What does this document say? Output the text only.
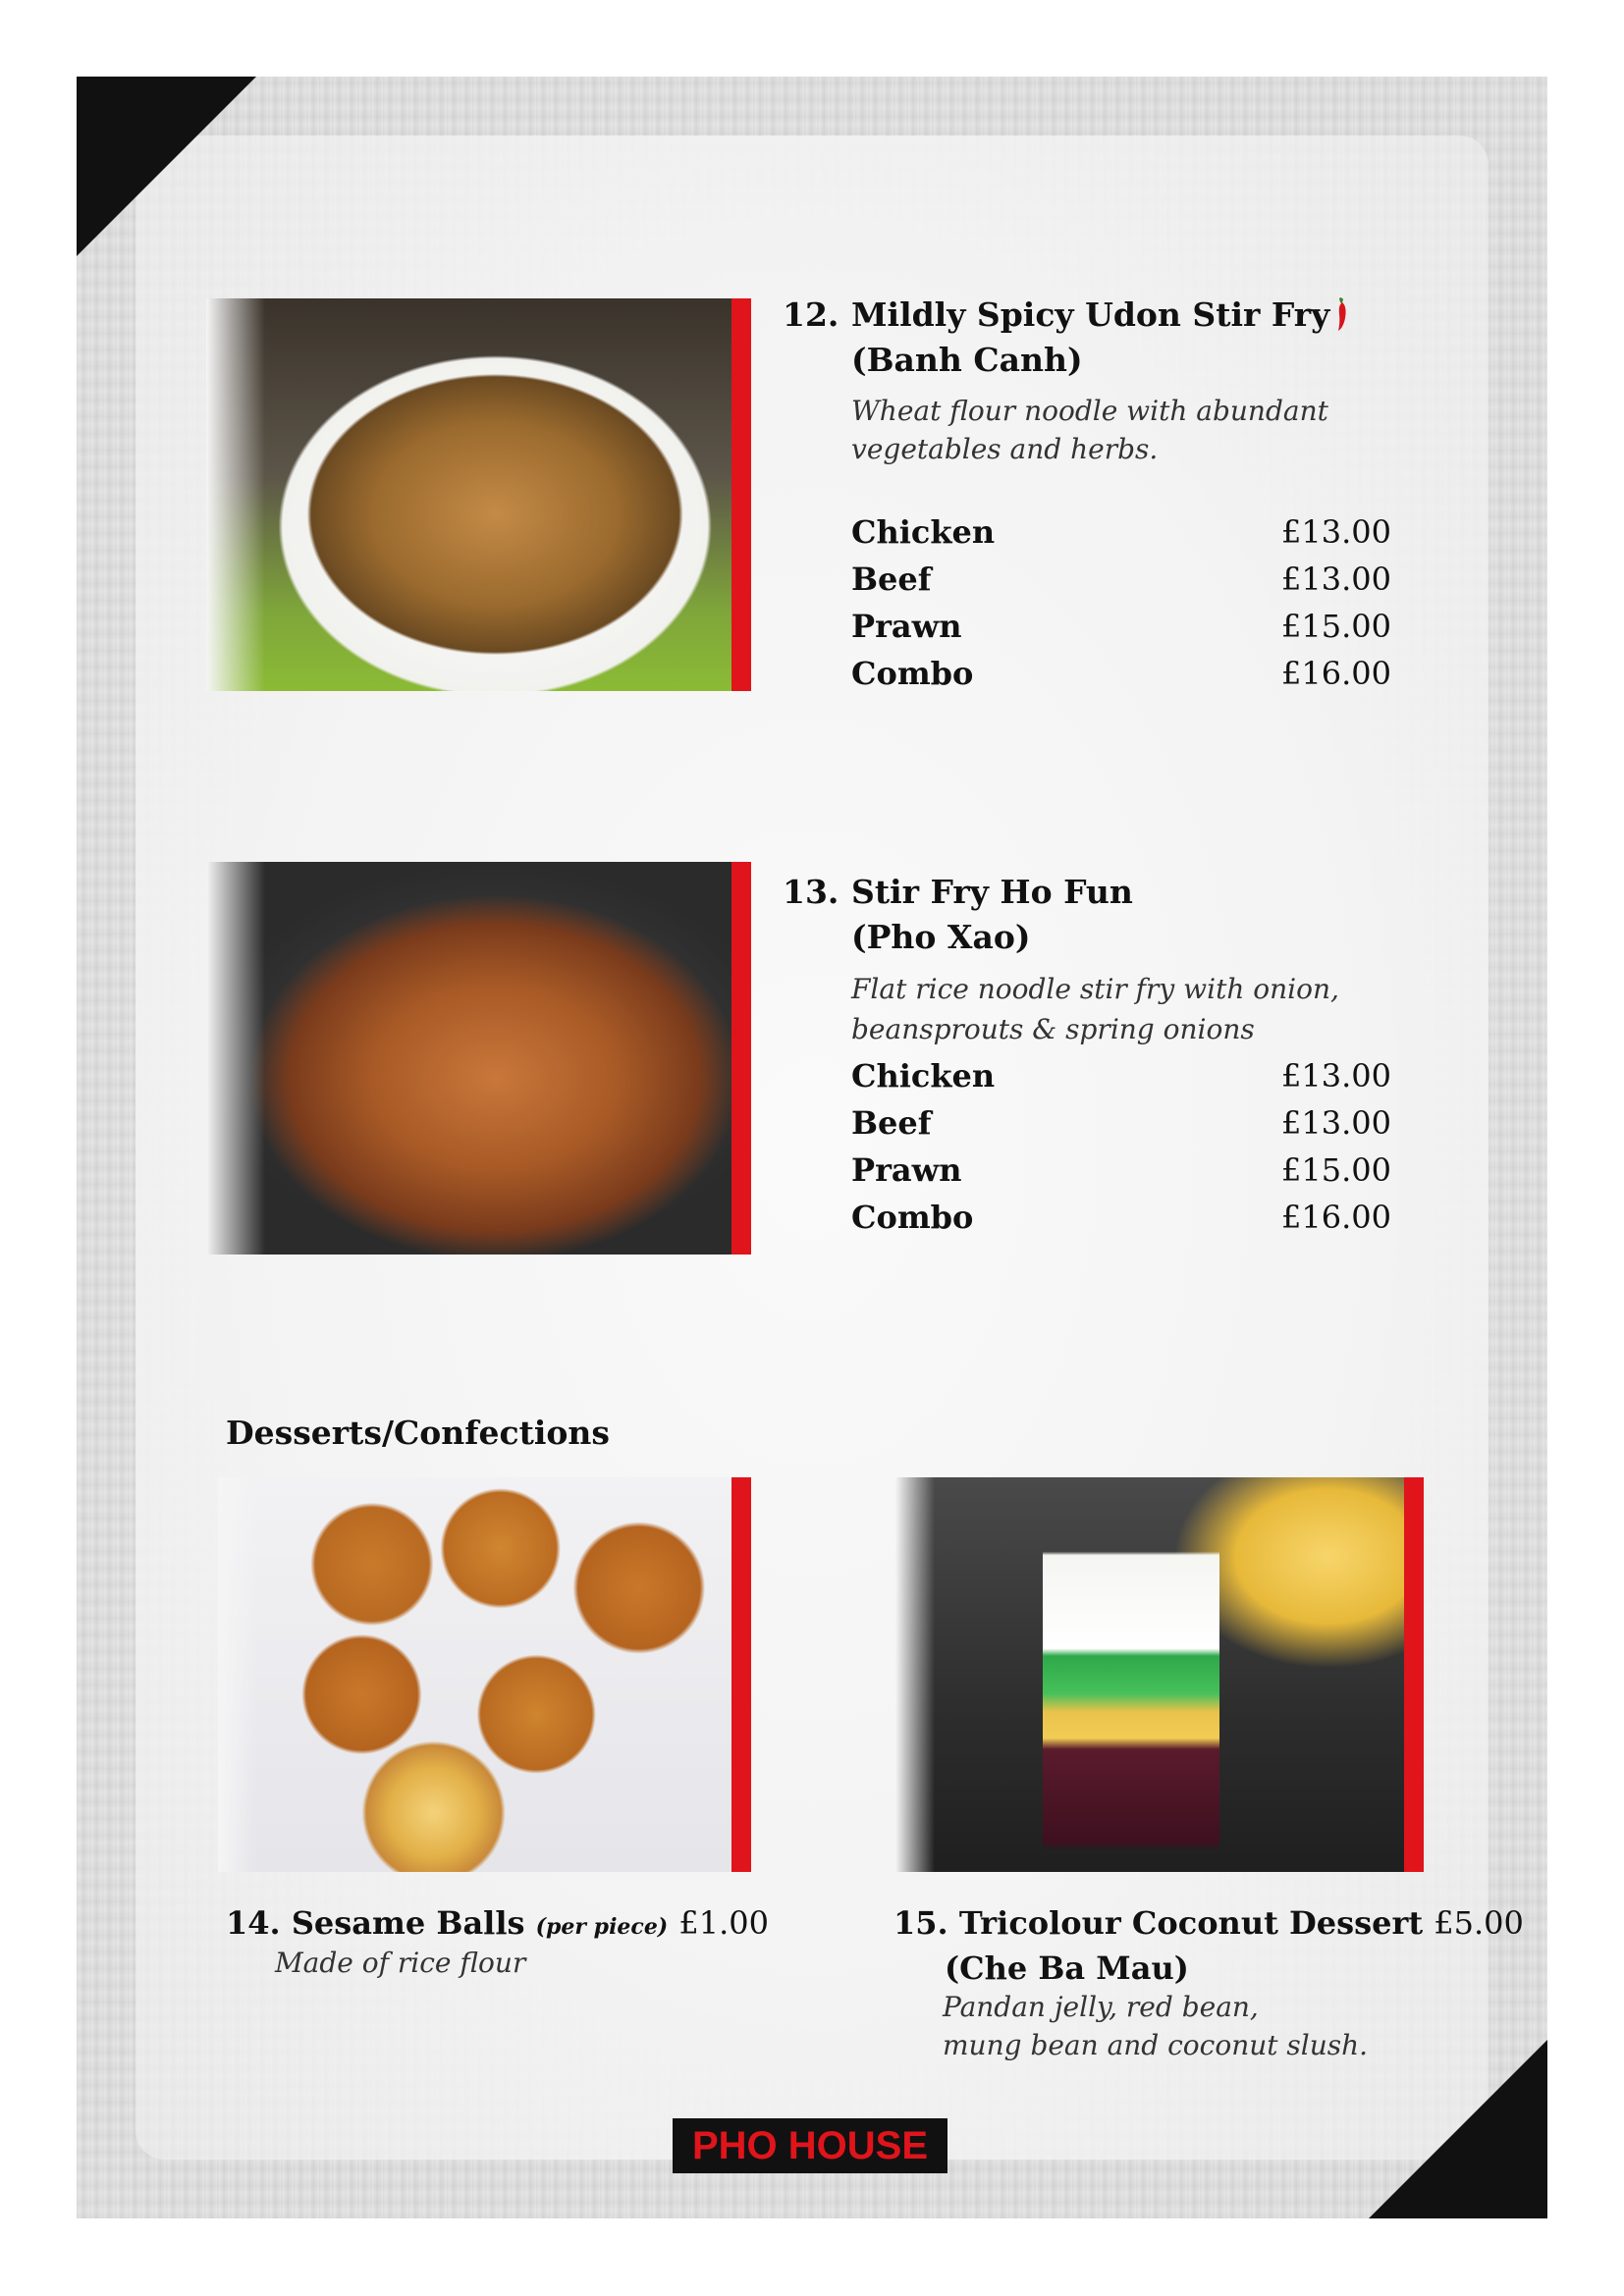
12. Mildly Spicy Udon Stir Fry
(Banh Canh)
Wheat flour noodle with abundant
vegetables and herbs.
Chicken	£13.00
Beef	£13.00
Prawn	£15.00
Combo	£16.00
13. Stir Fry Ho Fun
(Pho Xao)
Flat rice noodle stir fry with onion,
beansprouts & spring onions
Chicken	£13.00
Beef	£13.00
Prawn	£15.00
Combo	£16.00
Desserts/Confections
14. Sesame Balls (per piece) £1.00
Made of rice flour
15. Tricolour Coconut Dessert £5.00
(Che Ba Mau)
Pandan jelly, red bean,
mung bean and coconut slush.
PHO HOUSE
